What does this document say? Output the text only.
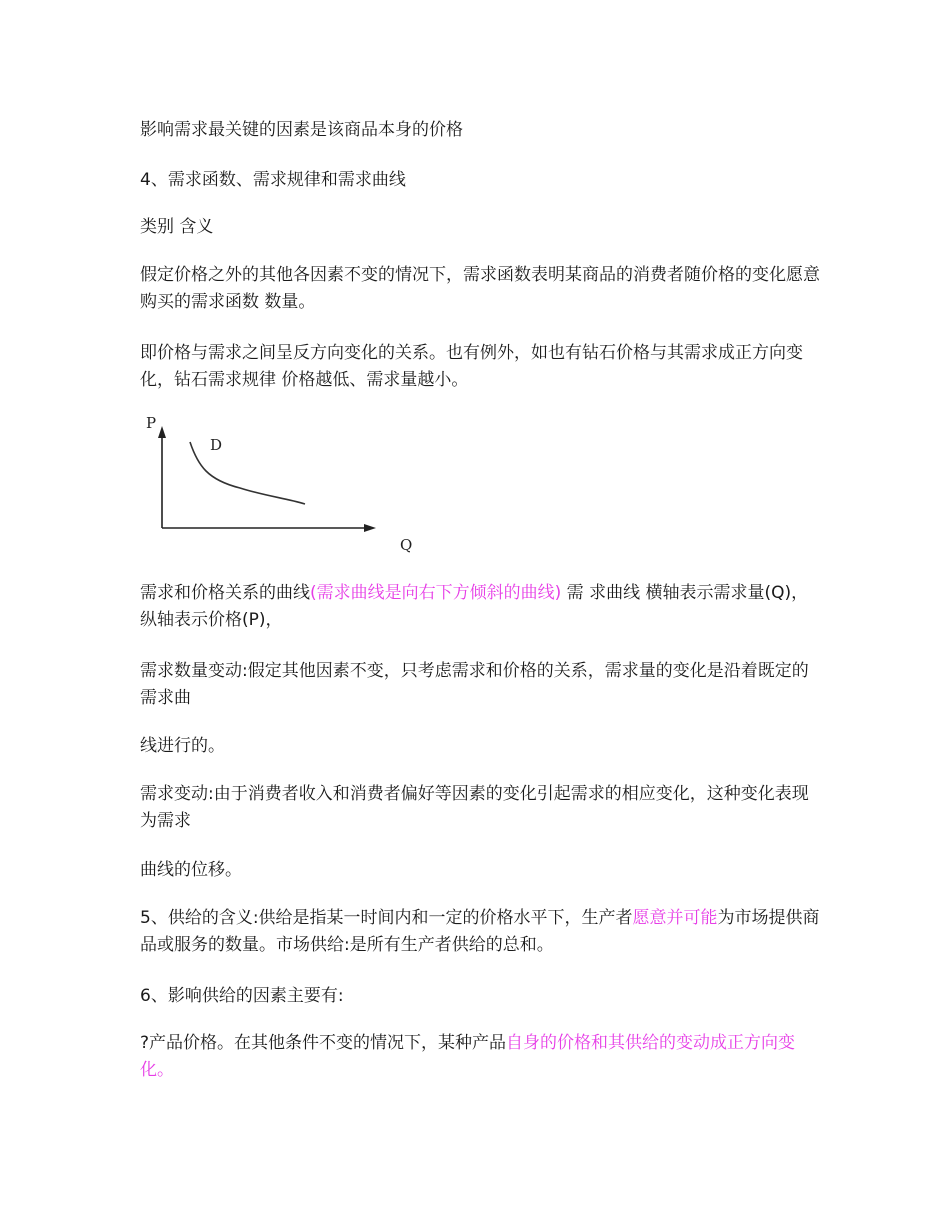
影响需求最关键的因素是该商品本身的价格

4、需求函数、需求规律和需求曲线

类别 含义

假定价格之外的其他各因素不变的情况下，需求函数表明某商品的消费者随价格的变化愿意购买的需求函数 数量。

即价格与需求之间呈反方向变化的关系。也有例外，如也有钻石价格与其需求成正方向变化，钻石需求规律 价格越低、需求量越小。

P
Q
D

需求和价格关系的曲线(需求曲线是向右下方倾斜的曲线) 需 求曲线 横轴表示需求量(Q)，纵轴表示价格(P)，

需求数量变动:假定其他因素不变，只考虑需求和价格的关系，需求量的变化是沿着既定的需求曲

线进行的。

需求变动:由于消费者收入和消费者偏好等因素的变化引起需求的相应变化，这种变化表现为需求

曲线的位移。

5、供给的含义:供给是指某一时间内和一定的价格水平下，生产者愿意并可能为市场提供商品或服务的数量。市场供给:是所有生产者供给的总和。

6、影响供给的因素主要有:

?产品价格。在其他条件不变的情况下，某种产品自身的价格和其供给的变动成正方向变化。
